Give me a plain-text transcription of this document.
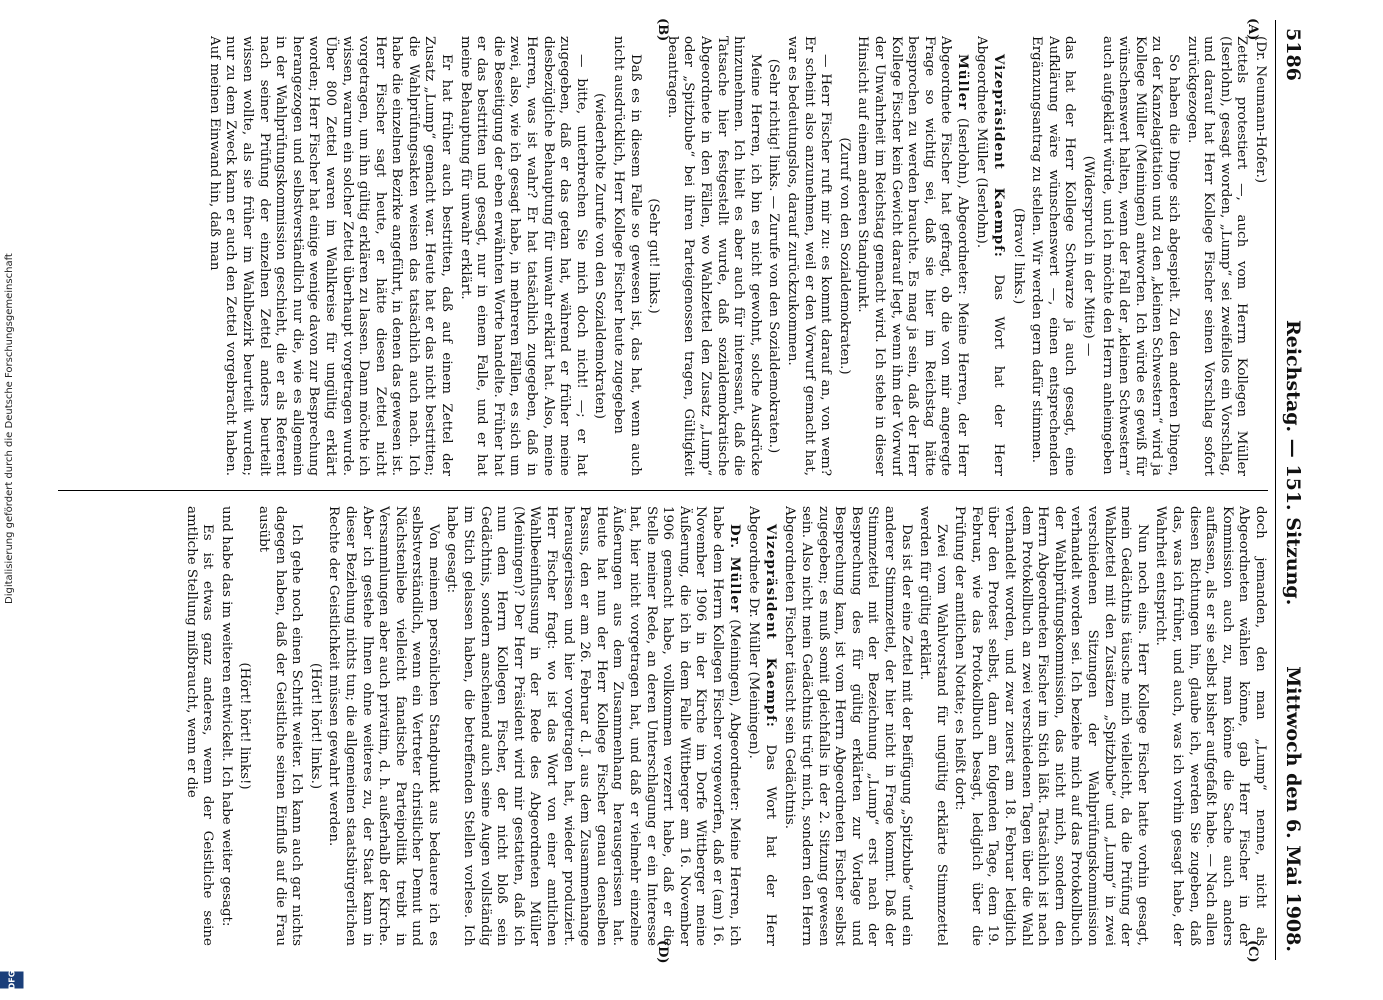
5186
Reichstag. — 151. Sitzung.
Mittwoch den 6. Mai 1908.
(A)
(B)
(C)
(D)

(Dr. Neumann-Hofer.)

Zettels protestiert —, auch vom Herrn Kollegen Müller (Iserlohn), gesagt worden, „Lump“ sei zweifellos ein Vorschlag, und darauf hat Herr Kollege Fischer seinen Vorschlag sofort zurückgezogen.

So haben die Dinge sich abgespielt. Zu den anderen Dingen, zu der Kanzelagitation und zu den „kleinen Schwestern“ wird ja Kollege Müller (Meiningen) antworten. Ich würde es gewiß für wünschenswert halten, wenn der Fall der „kleinen Schwestern“ auch aufgeklärt würde, und ich möchte den Herrn anheimgeben

(Widerspruch in der Mitte) —

das hat der Herr Kollege Schwarze ja auch gesagt, eine Aufklärung wäre wünschenswert —, einen entsprechenden Ergänzungsantrag zu stellen. Wir werden gern dafür stimmen.

(Bravo! links.)

Vizepräsident Kaempf: Das Wort hat der Herr Abgeordnete Müller (Iserlohn).

Müller (Iserlohn), Abgeordneter: Meine Herren, der Herr Abgeordnete Fischer hat gefragt, ob die von mir angeregte Frage so wichtig sei, daß sie hier im Reichstag hätte besprochen zu werden brauchte. Es mag ja sein, daß der Herr Kollege Fischer kein Gewicht darauf legt, wenn ihm der Vorwurf der Unwahrheit im Reichstag gemacht wird. Ich stehe in dieser Hinsicht auf einem anderen Standpunkt.

(Zuruf von den Sozialdemokraten.)

— Herr Fischer ruft mir zu: es kommt darauf an, von wem? Er scheint also anzunehmen, weil er den Vorwurf gemacht hat, war es bedeutungslos, darauf zurückzukommen.

(Sehr richtig! links. — Zurufe von den Sozialdemokraten.)

Meine Herren, ich bin es nicht gewohnt, solche Ausdrücke hinzunehmen. Ich hielt es aber auch für interessant, daß die Tatsache hier festgestellt wurde, daß sozialdemokratische Abgeordnete in den Fällen, wo Wahlzettel den Zusatz „Lump“ oder „Spitzbube“ bei ihren Parteigenossen tragen, Gültigkeit beantragen.

(Sehr gut! links.)

Daß es in diesem Falle so gewesen ist, das hat, wenn auch nicht ausdrücklich, Herr Kollege Fischer heute zugegeben

(wiederholte Zurufe von den Sozialdemokraten)

— bitte, unterbrechen Sie mich doch nicht! —; er hat zugegeben, daß er das getan hat, während er früher meine diesbezügliche Behauptung für unwahr erklärt hat. Also, meine Herren, was ist wahr? Er hat tatsächlich zugegeben, daß in zwei, also, wie ich gesagt habe, in mehreren Fällen, es sich um die Beseitigung der eben erwähnten Worte handelte. Früher hat er das bestritten und gesagt, nur in einem Falle, und er hat meine Behauptung für unwahr erklärt.

Er hat früher auch bestritten, daß auf einem Zettel der Zusatz „Lump“ gemacht war. Heute hat er das nicht bestritten; die Wahlprüfungsakten weisen das tatsächlich auch nach. Ich habe die einzelnen Bezirke angeführt, in denen das gewesen ist. Herr Fischer sagt heute, er hätte diesen Zettel nicht vorgetragen, um ihn gültig erklären zu lassen. Dann möchte ich wissen, warum ein solcher Zettel überhaupt vorgetragen wurde. Über 800 Zettel waren im Wahlkreise für ungültig erklärt worden; Herr Fischer hat einige wenige davon zur Besprechung herangezogen und selbstverständlich nur die, wie es allgemein in der Wahlprüfungskommission geschieht, die er als Referent nach seiner Prüfung der einzelnen Zettel anders beurteilt wissen wollte, als sie früher im Wahlbezirk beurteilt wurden; nur zu dem Zweck kann er auch den Zettel vorgebracht haben. Auf meinen Einwand hin, daß man

doch jemanden, den man „Lump“ nenne, nicht als Abgeordneten wählen könne, gab Herr Fischer in der Kommission auch zu, man könne die Sache auch anders auffassen, als er sie selbst bisher aufgefaßt habe. — Nach allen diesen Richtungen hin, glaube ich, werden Sie zugeben, daß das, was ich früher, und auch, was ich vorhin gesagt habe, der Wahrheit entspricht.

Nun noch eins. Herr Kollege Fischer hatte vorhin gesagt, mein Gedächtnis täusche mich vielleicht, da die Prüfung der Wahlzettel mit den Zusätzen „Spitzbube“ und „Lump“ in zwei verschiedenen Sitzungen der Wahlprüfungskommission verhandelt worden sei. Ich beziehe mich auf das Protokollbuch der Wahlprüfungskommission, das nicht mich, sondern den Herrn Abgeordneten Fischer im Stich läßt. Tatsächlich ist nach dem Protokollbuch an zwei verschiedenen Tagen über die Wahl verhandelt worden, und zwar zuerst am 18. Februar lediglich über den Protest selbst, dann am folgenden Tage, dem 19. Februar, wie das Protokollbuch besagt, lediglich über die Prüfung der amtlichen Notate; es heißt dort:

Zwei vom Wahlvorstand für ungültig erklärte Stimmzettel werden für gültig erklärt.

Das ist der eine Zettel mit der Beifügung „Spitzbube“ und ein anderer Stimmzettel, der hier nicht in Frage kommt. Daß der Stimmzettel mit der Bezeichnung „Lump“ erst nach der Besprechung des für gültig erklärten zur Vorlage und Besprechung kam, ist vom Herrn Abgeordneten Fischer selbst zugegeben; es muß somit gleichfalls in der 2. Sitzung gewesen sein. Also nicht mein Gedächtnis trügt mich, sondern den Herrn Abgeordneten Fischer täuscht sein Gedächtnis.

Vizepräsident Kaempf: Das Wort hat der Herr Abgeordnete Dr. Müller (Meiningen).

Dr. Müller (Meiningen), Abgeordneter: Meine Herren, ich habe dem Herrn Kollegen Fischer vorgeworfen, daß er (am) 16. November 1906 in der Kirche im Dorfe Wittberger meine Äußerung, die ich in dem Falle Wittberger am 16. November 1906 gemacht habe, vollkommen verzerrt habe, daß er die Stelle meiner Rede, an deren Unterschlagung er ein Interesse hat, hier nicht vorgetragen hat, und daß er vielmehr einzelne Äußerungen aus dem Zusammenhang herausgerissen hat. Heute hat nun der Herr Kollege Fischer genau denselben Passus, den er am 26. Februar d. J. aus dem Zusammenhange herausgerissen und hier vorgetragen hat, wieder produziert. Herr Fischer fragt: wo ist das Wort von einer amtlichen Wahlbeeinflussung in der Rede des Abgeordneten Müller (Meiningen)? Der Herr Präsident wird mir gestatten, daß ich nun dem Herrn Kollegen Fischer, der nicht bloß sein Gedächtnis, sondern anscheinend auch seine Augen vollständig im Stich gelassen haben, die betreffenden Stellen vorlese. Ich habe gesagt:

Von meinem persönlichen Standpunkt aus bedauere ich es selbstverständlich, wenn ein Vertreter christlicher Demut und Nächstenliebe vielleicht fanatische Parteipolitik treibt in Versammlungen aber auch privatim, d. h. außerhalb der Kirche. Aber ich gestehe Ihnen ohne weiteres zu, der Staat kann in dieser Beziehung nichts tun; die allgemeinen staatsbürgerlichen Rechte der Geistlichkeit müssen gewahrt werden.

(Hört! hört! links.)

Ich gehe noch einen Schritt weiter. Ich kann auch gar nichts dagegen haben, daß der Geistliche seinen Einfluß auf die Frau ausübt

(Hört! hört! links!)

und habe das im weiteren entwickelt. Ich habe weiter gesagt:

Es ist etwas ganz anderes, wenn der Geistliche seine amtliche Stellung mißbraucht, wenn er die

Digitalisierung gefördert durch die Deutsche Forschungsgemeinschaft
DFG
